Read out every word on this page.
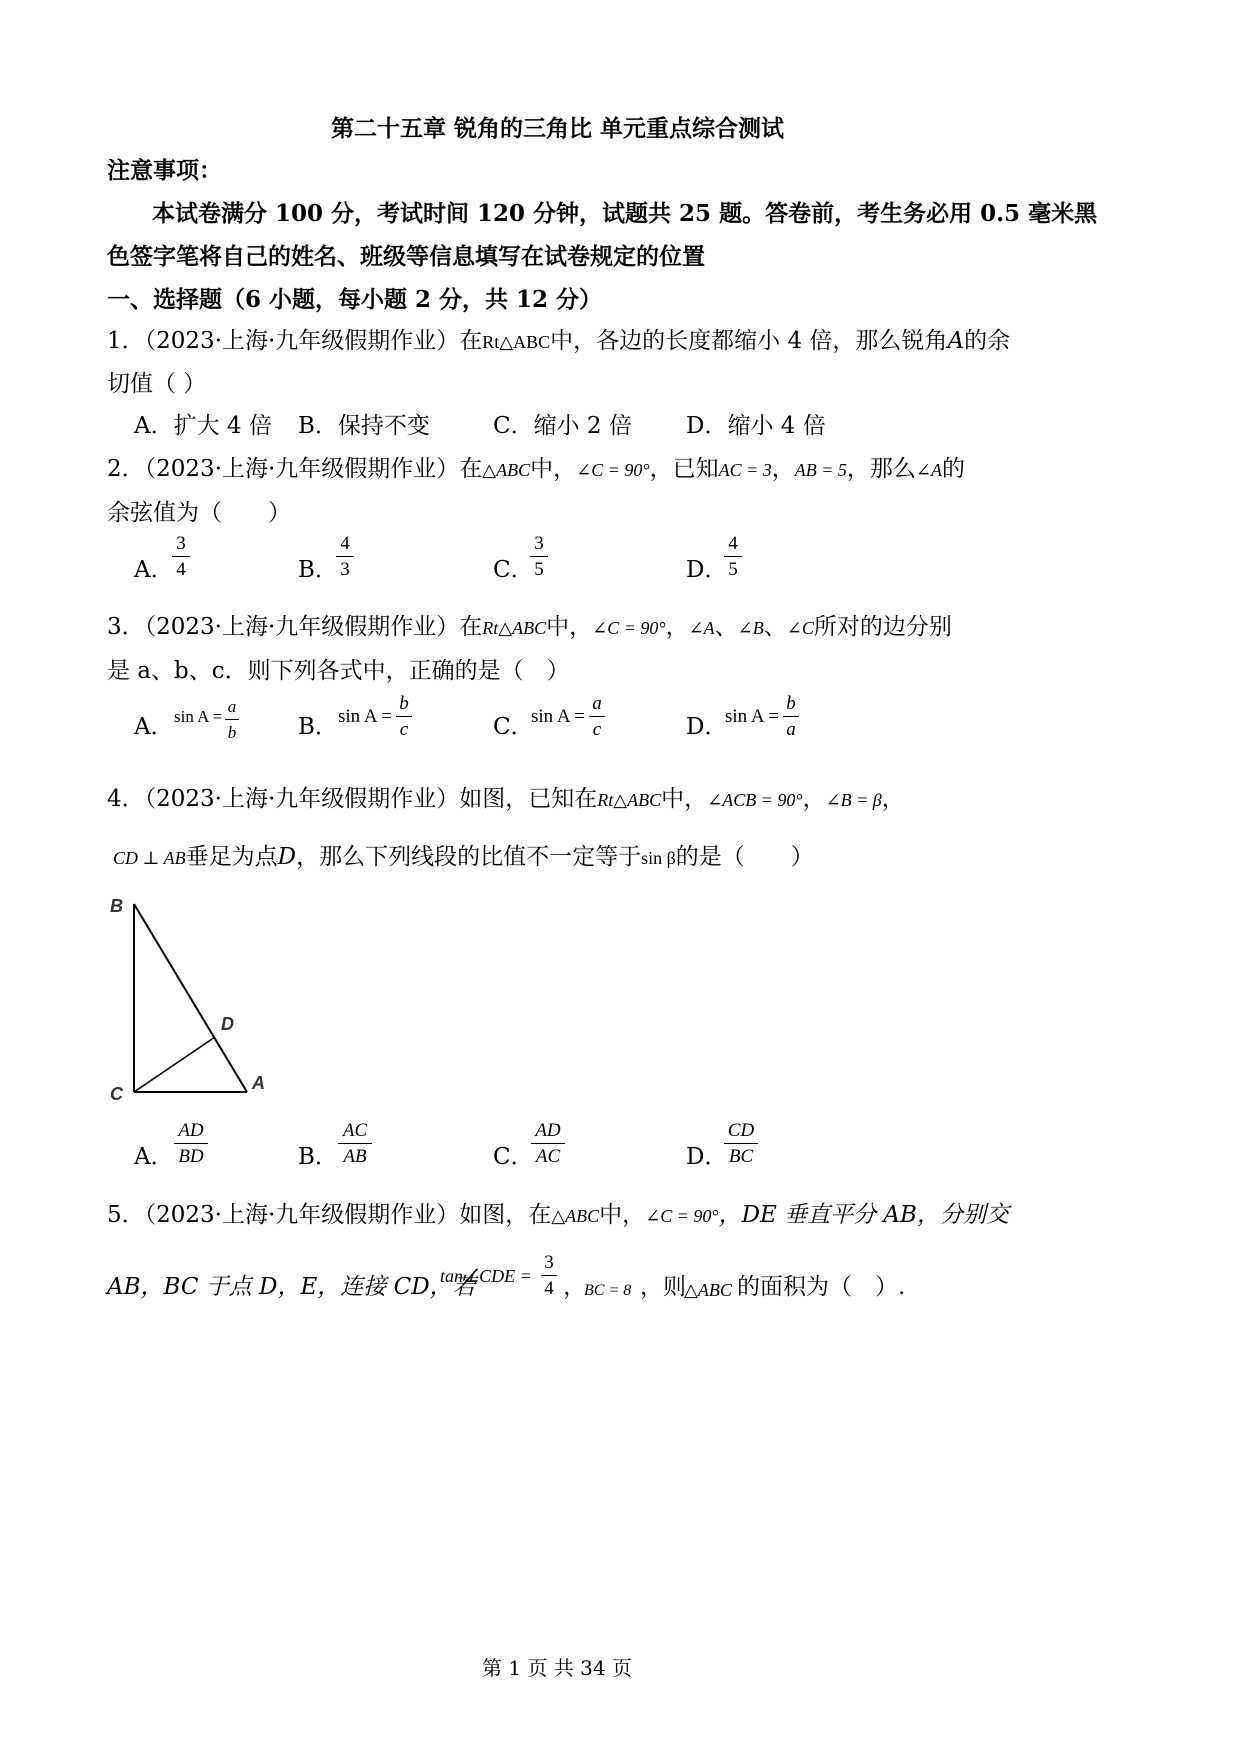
第二十五章 锐角的三角比 单元重点综合测试
注意事项：
本试卷满分 100 分，考试时间 120 分钟，试题共 25 题。答卷前，考生务必用 0.5 毫米黑
色签字笔将自己的姓名、班级等信息填写在试卷规定的位置
一、选择题（6 小题，每小题 2 分，共 12 分）
1．（2023·上海·九年级假期作业）在Rt△ABC中，各边的长度都缩小 4 倍，那么锐角A的余
切值（ ）
A．扩大 4 倍 B．保持不变	C．缩小 2 倍 D．缩小 4 倍
2．（2023·上海·九年级假期作业）在△ABC中，∠C = 90°，已知AC = 3，AB = 5，那么∠A的
余弦值为（　　）
A．
3
4	B．
4
3	C．
3
5	D．
4
5
3．（2023·上海·九年级假期作业）在Rt△ABC中，∠C = 90°，∠A、∠B、∠C所对的边分别
是 a、b、c．则下列各式中，正确的是（　）
A． sin A =
a
b	B． sin A =
b
c	C．
sin A =
a
c	D．
sin A =
b
a
4．（2023·上海·九年级假期作业）如图，已知在Rt△ABC中，∠ACB = 90°，∠B = β，
CD ⊥ AB垂足为点D，那么下列线段的比值不一定等于sin β的是（　　）
B
C
D
A
A．
AD
BD	B．
AC
AB	C．
AD
AC	D．
CD
BC
5．（2023·上海·九年级假期作业）如图，在△ABC中，∠C = 90°，DE 垂直平分 AB，分别交
AB，BC 于点 D，E，连接 CD，若
tan∠CDE =
3
4 ，
BC = 8 ，则
△ABC 的面积为（　）.
第 1 页 共 34 页
